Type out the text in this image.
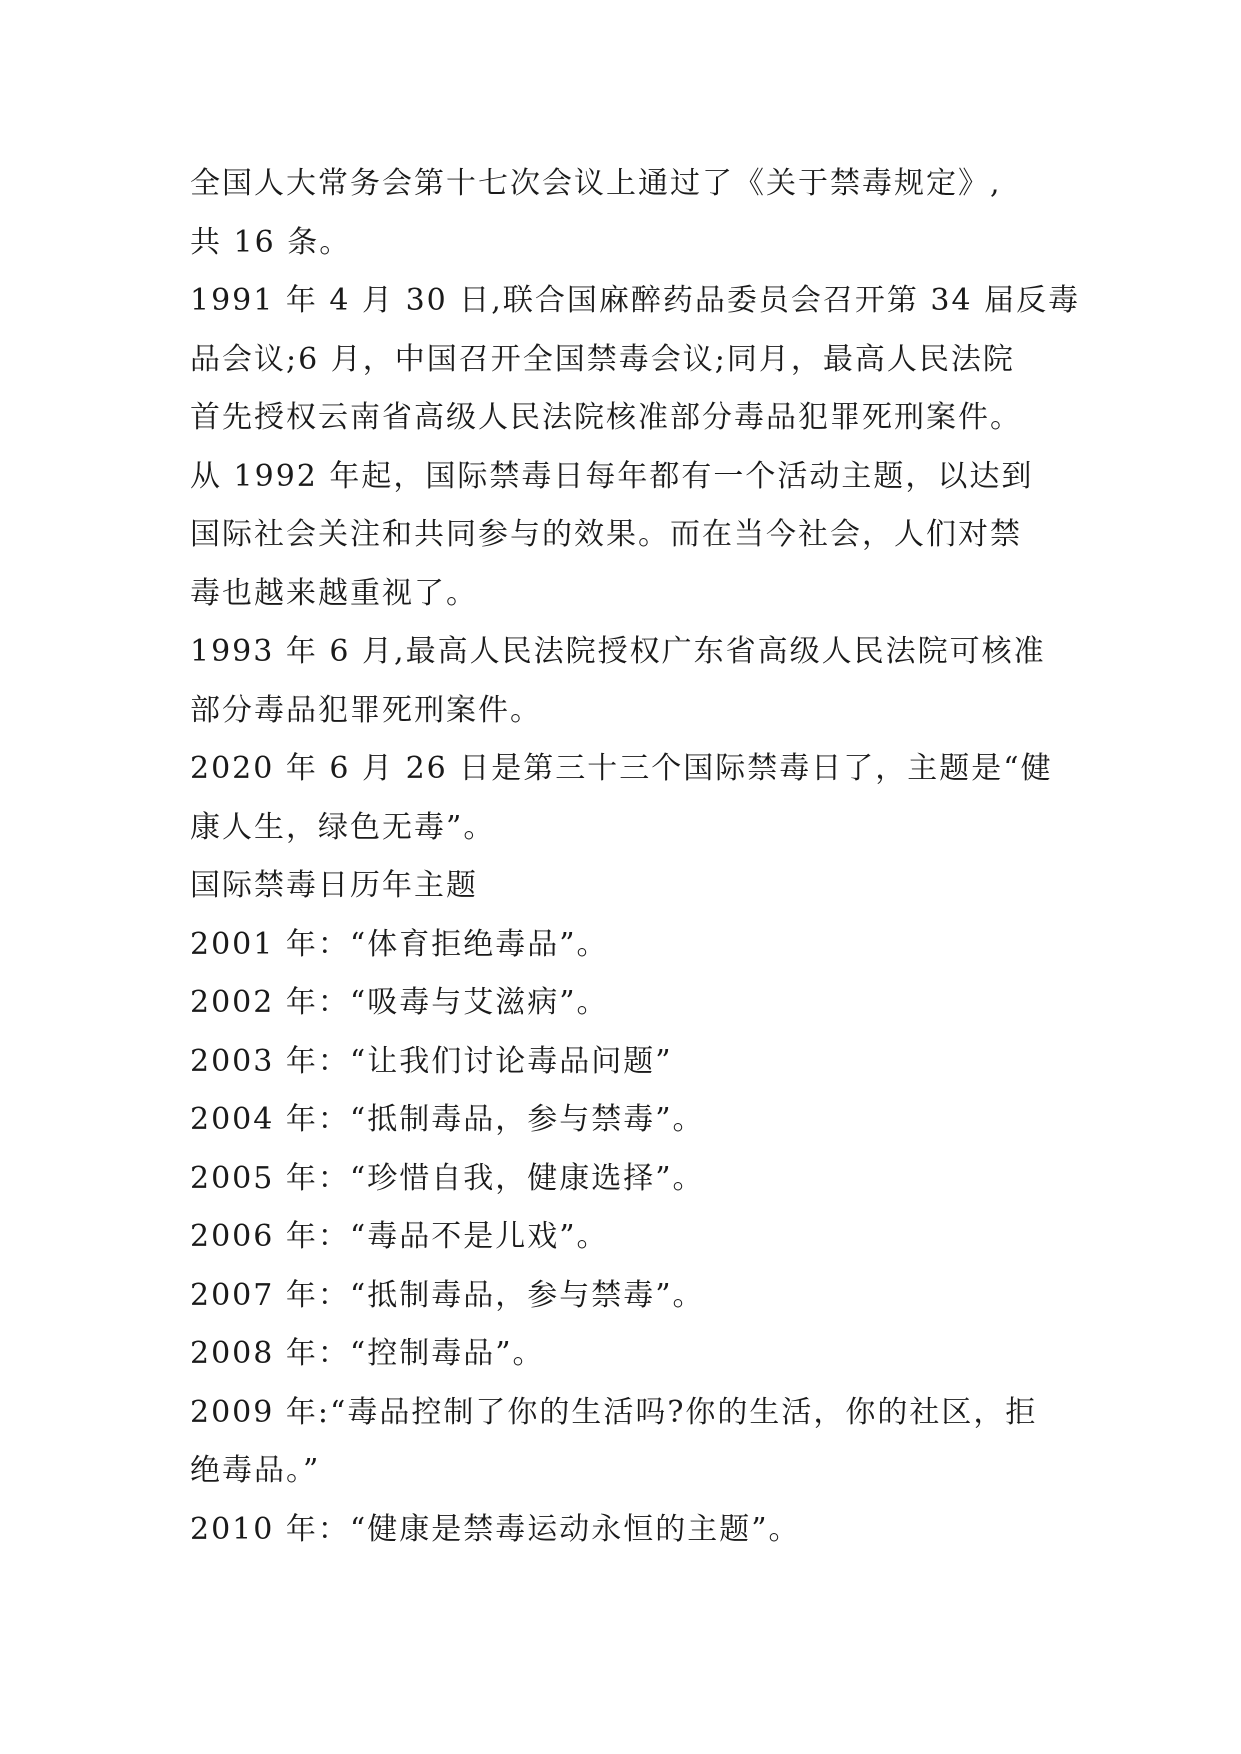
全国人大常务会第十七次会议上通过了《关于禁毒规定》,
共 16 条。
1991 年 4 月 30 日,联合国麻醉药品委员会召开第 34 届反毒
品会议;6 月，中国召开全国禁毒会议;同月，最高人民法院
首先授权云南省高级人民法院核准部分毒品犯罪死刑案件。
从 1992 年起，国际禁毒日每年都有一个活动主题，以达到
国际社会关注和共同参与的效果。而在当今社会，人们对禁
毒也越来越重视了。
1993 年 6 月,最高人民法院授权广东省高级人民法院可核准
部分毒品犯罪死刑案件。
2020 年 6 月 26 日是第三十三个国际禁毒日了，主题是“健
康人生，绿色无毒”。
国际禁毒日历年主题
2001 年：“体育拒绝毒品”。
2002 年：“吸毒与艾滋病”。
2003 年：“让我们讨论毒品问题”
2004 年：“抵制毒品，参与禁毒”。
2005 年：“珍惜自我，健康选择”。
2006 年：“毒品不是儿戏”。
2007 年：“抵制毒品，参与禁毒”。
2008 年：“控制毒品”。
2009 年:“毒品控制了你的生活吗?你的生活，你的社区，拒
绝毒品。”
2010 年：“健康是禁毒运动永恒的主题”。
